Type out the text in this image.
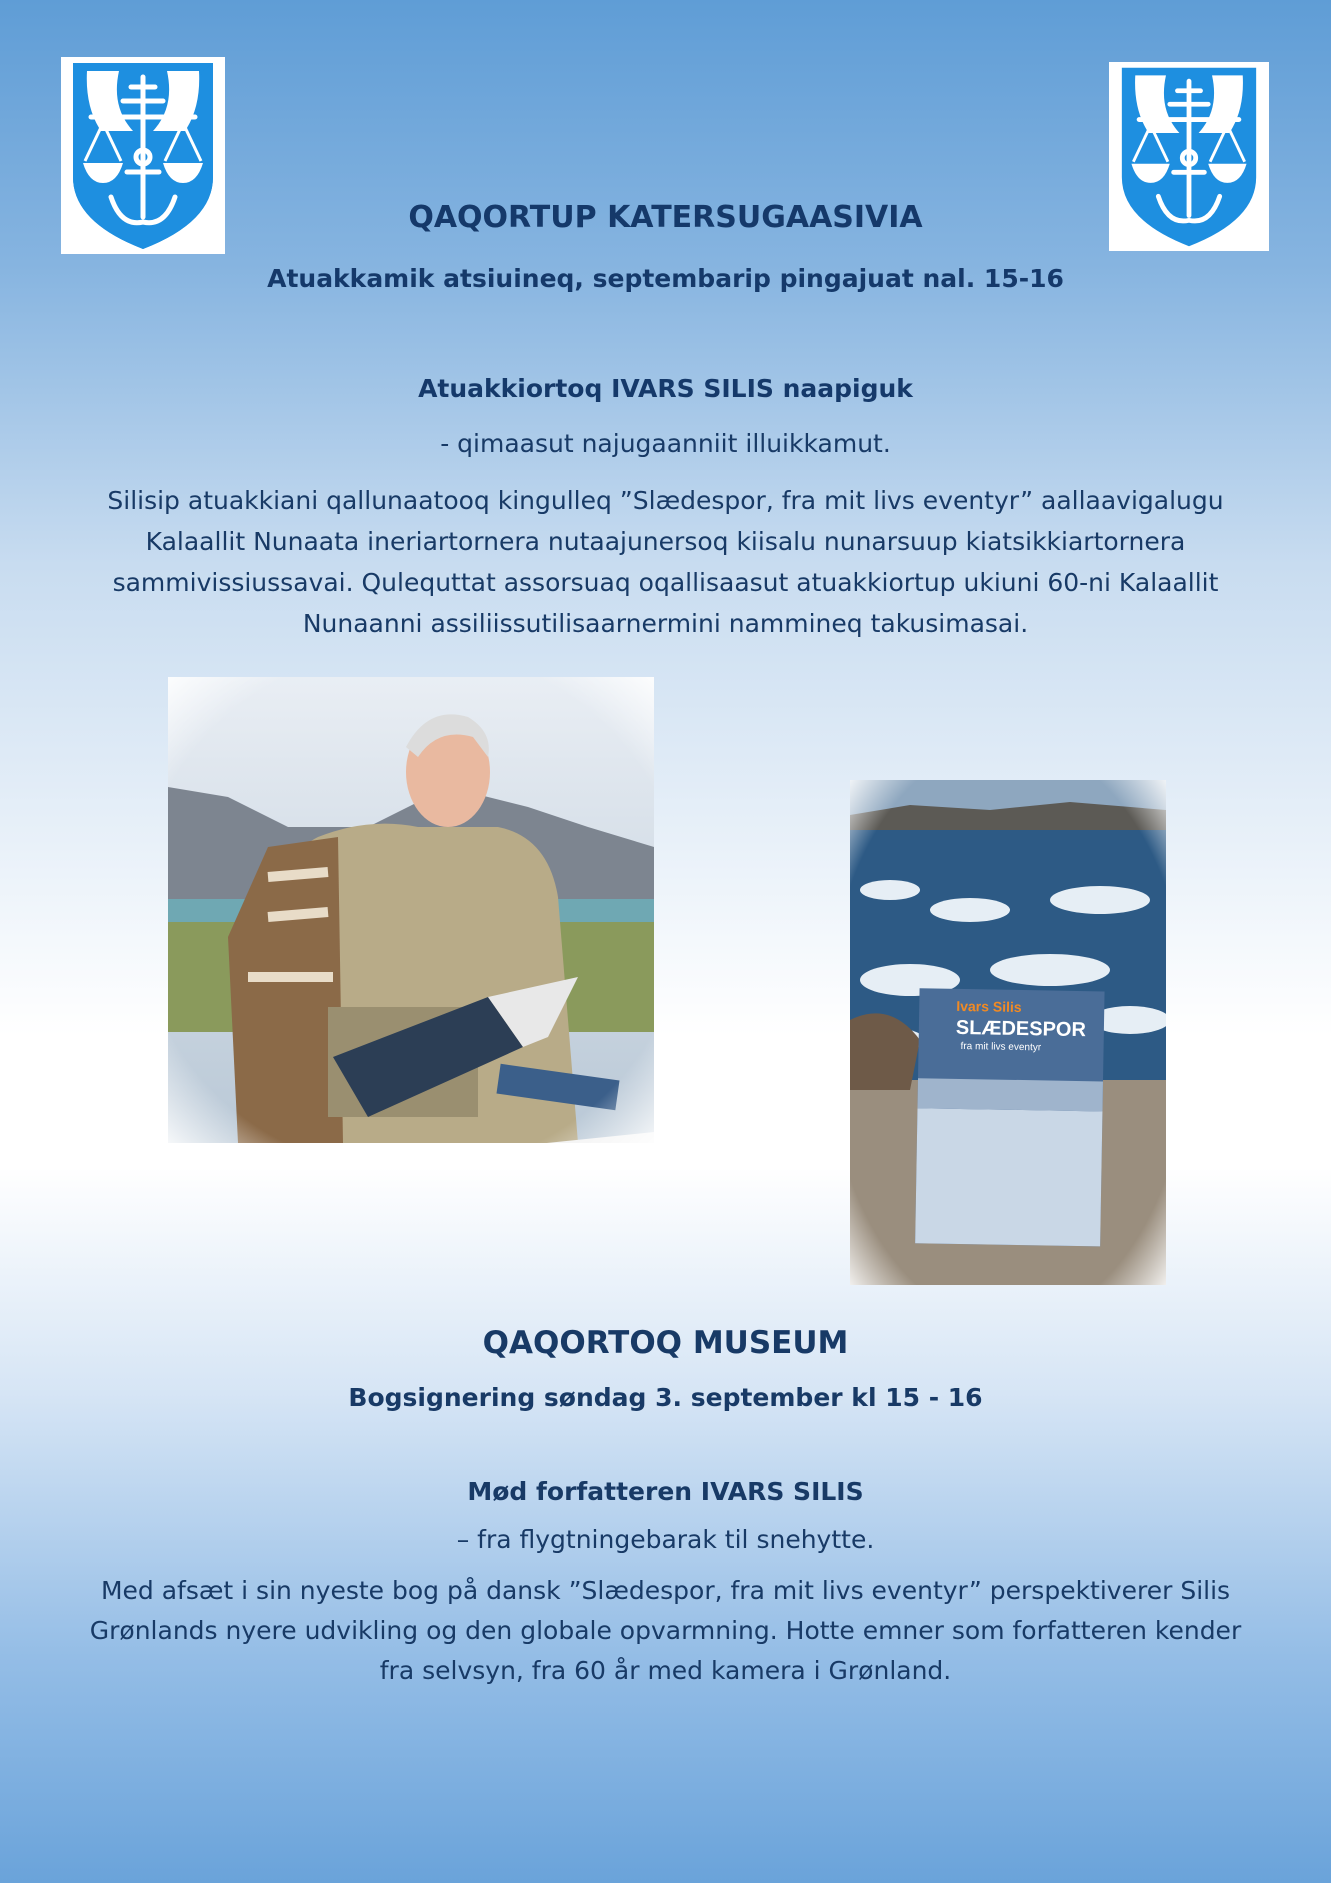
QAQORTUP KATERSUGAASIVIA
Atuakkamik atsiuineq, septembarip pingajuat nal. 15-16
Atuakkiortoq IVARS SILIS naapiguk
- qimaasut najugaanniit illuikkamut.
Silisip atuakkiani qallunaatooq kingulleq ”Slædespor, fra mit livs eventyr” aallaavigalugu Kalaallit Nunaata ineriartornera nutaajunersoq kiisalu nunarsuup kiatsikkiartornera sammivissiussavai. Qulequttat assorsuaq oqallisaasut atuakkiortup ukiuni 60-ni Kalaallit Nunaanni assiliissutilisaarnermini nammineq takusimasai.
QAQORTOQ MUSEUM
Bogsignering søndag 3. september kl 15 - 16
Mød forfatteren IVARS SILIS
– fra flygtningebarak til snehytte.
Med afsæt i sin nyeste bog på dansk ”Slædespor, fra mit livs eventyr” perspektiverer Silis Grønlands nyere udvikling og den globale opvarmning. Hotte emner som forfatteren kender fra selvsyn, fra 60 år med kamera i Grønland.
